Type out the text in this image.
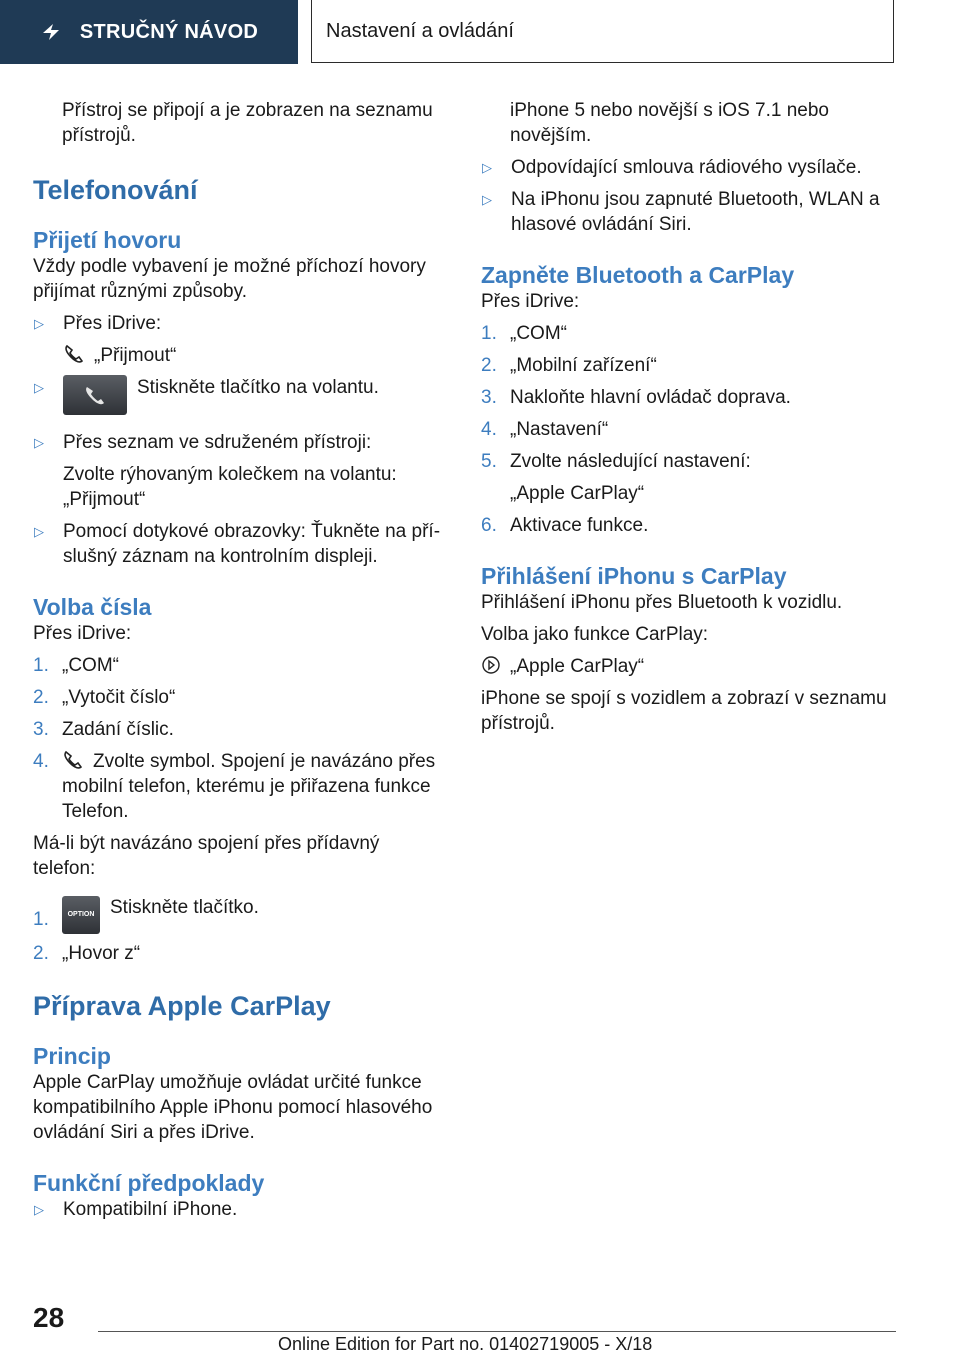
STRUČNÝ NÁVOD	Nastavení a ovládání

Přístroj se připojí a je zobrazen na seznamu přístrojů.

Telefonování
Přijetí hovoru

Vždy podle vybavení je možné příchozí hovory přijímat různými způsoby.

▷	Přes iDrive:
„Přijmout“
▷	Stiskněte tlačítko na volantu.
▷	Přes seznam ve sdruženém přístroji:
Zvolte rýhovaným kolečkem na volantu: „Přijmout“
▷	Pomocí dotykové obrazovky: Ťukněte na příslušný záznam na kontrolním displeji.
Volba čísla

Přes iDrive:

1. „COM“
2. „Vytočit číslo“
3. Zadání číslic.
4.	Zvolte symbol. Spojení je navázáno přes mobilní telefon, kterému je přiřazena funkce Telefon.

Má-li být navázáno spojení přes přídavný telefon:

1.	OPTION Stiskněte tlačítko.
2. „Hovor z“
Příprava Apple CarPlay
Princip

Apple CarPlay umožňuje ovládat určité funkce kompatibilního Apple iPhonu pomocí hlasového ovládání Siri a přes iDrive.

Funkční předpoklady
▷	Kompatibilní iPhone.

iPhone 5 nebo novější s iOS 7.1 nebo novějším.

▷	Odpovídající smlouva rádiového vysílače.
▷	Na iPhonu jsou zapnuté Bluetooth, WLAN a hlasové ovládání Siri.
Zapněte Bluetooth a CarPlay

Přes iDrive:

1. „COM“
2. „Mobilní zařízení“
3. Nakloňte hlavní ovládač doprava.
4. „Nastavení“
5. Zvolte následující nastavení:
„Apple CarPlay“
6. Aktivace funkce.
Přihlášení iPhonu s CarPlay

Přihlášení iPhonu přes Bluetooth k vozidlu.

Volba jako funkce CarPlay:

„Apple CarPlay“

iPhone se spojí s vozidlem a zobrazí v seznamu přístrojů.

28
Online Edition for Part no. 01402719005 - X/18
